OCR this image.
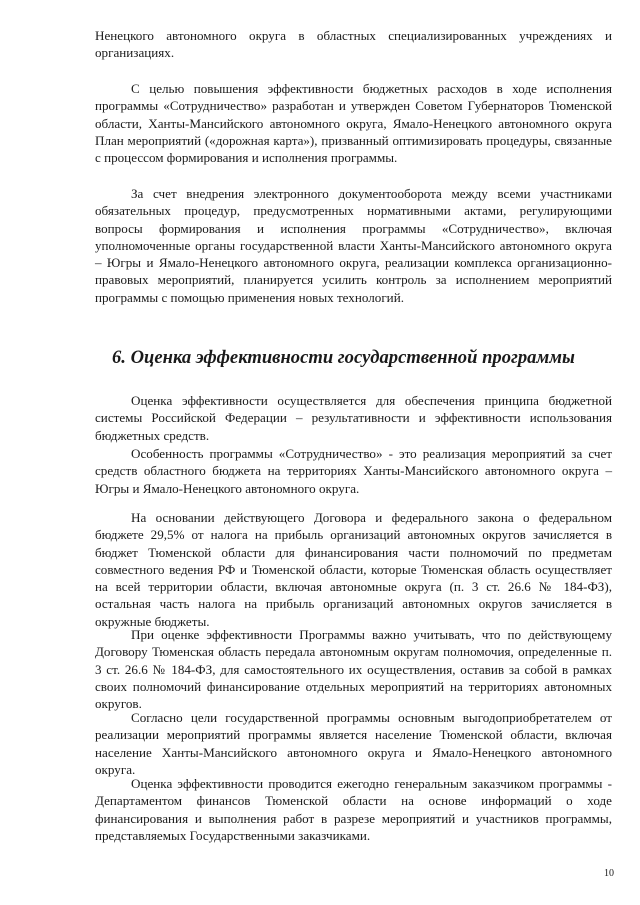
Ненецкого автономного округа в областных специализированных учреждениях и организациях.

С целью повышения эффективности бюджетных расходов в ходе исполнения программы «Сотрудничество» разработан и утвержден Советом Губернаторов Тюменской области, Ханты-Мансийского автономного округа, Ямало-Ненецкого автономного округа План мероприятий («дорожная карта»), призванный оптимизировать процедуры, связанные с процессом формирования и исполнения программы.

За счет внедрения электронного документооборота между всеми участниками обязательных процедур, предусмотренных нормативными актами, регулирующими вопросы формирования и исполнения программы «Сотрудничество», включая уполномоченные органы государственной власти Ханты-Мансийского автономного округа – Югры и Ямало-Ненецкого автономного округа, реализации комплекса организационно-правовых мероприятий, планируется усилить контроль за исполнением мероприятий программы с помощью применения новых технологий.

6. Оценка эффективности государственной программы

Оценка эффективности осуществляется для обеспечения принципа бюджетной системы Российской Федерации – результативности и эффективности использования бюджетных средств.

Особенность программы «Сотрудничество» - это реализация мероприятий за счет средств областного бюджета на территориях Ханты-Мансийского автономного округа – Югры и Ямало-Ненецкого автономного округа.

На основании действующего Договора и федерального закона о федеральном бюджете 29,5% от налога на прибыль организаций автономных округов зачисляется в бюджет Тюменской области для финансирования части полномочий по предметам совместного ведения РФ и Тюменской области, которые Тюменская область осуществляет на всей территории области, включая автономные округа (п. 3 ст. 26.6 № 184-ФЗ), остальная часть налога на прибыль организаций автономных округов зачисляется в окружные бюджеты.

При оценке эффективности Программы важно учитывать, что по действующему Договору Тюменская область передала автономным округам полномочия, определенные п. 3 ст. 26.6 № 184-ФЗ, для самостоятельного их осуществления, оставив за собой в рамках своих полномочий финансирование отдельных мероприятий на территориях автономных округов.

Согласно цели государственной программы основным выгодоприобретателем от реализации мероприятий программы является население Тюменской области, включая население Ханты-Мансийского автономного округа и Ямало-Ненецкого автономного округа.

Оценка эффективности проводится ежегодно генеральным заказчиком программы - Департаментом финансов Тюменской области на основе информаций о ходе финансирования и выполнения работ в разрезе мероприятий и участников программы, представляемых Государственными заказчиками.

10
